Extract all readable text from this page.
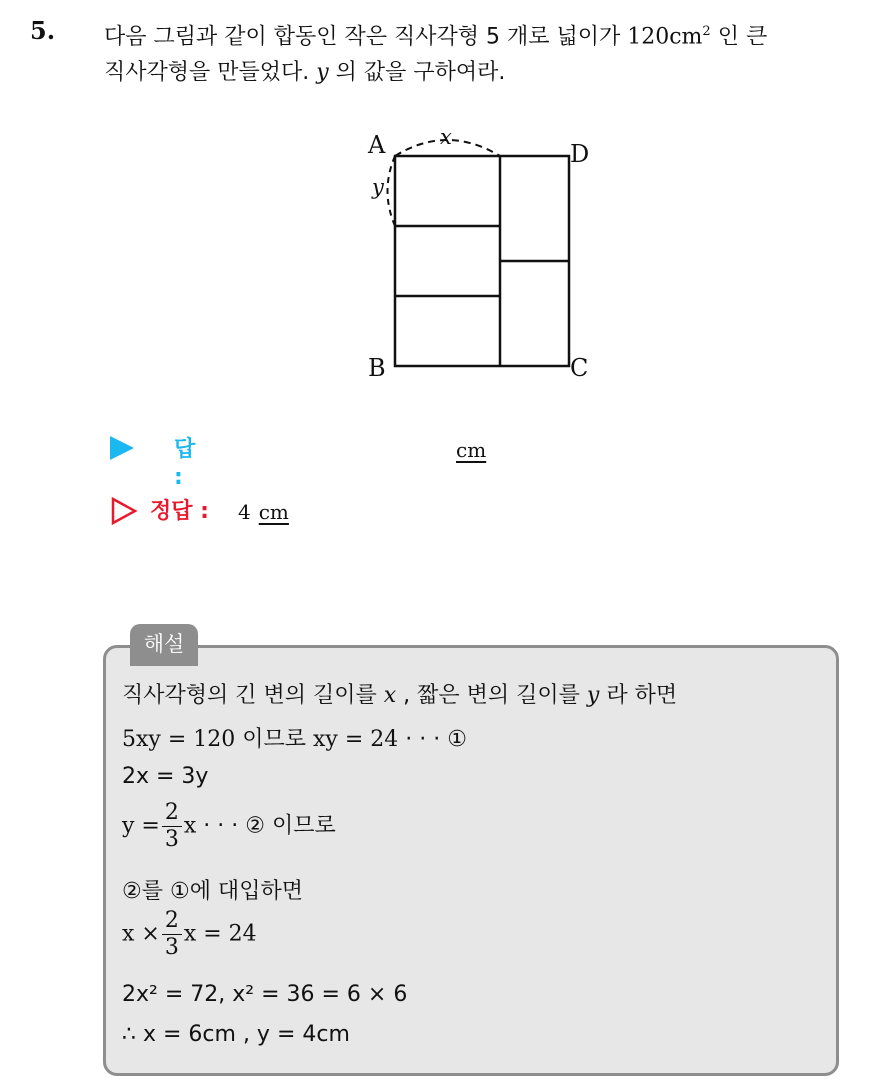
5. 다음 그림과 같이 합동인 작은 직사각형 5 개로 넓이가 $120cm^2$ 인 큰
직사각형을 만들었다. y 의 값을 구하여라.
A	D
B	C
x
y
답 :
cm
정답 : 4 cm
해설
직사각형의 긴 변의 길이를 x , 짧은 변의 길이를 y 라 하면
5xy = 120 이므로 xy = 24 · · · ①
2x = 3y
$y = \frac{2}{3}$ x · · · ② 이므로
②를 ①에 대입하면
$x \times \frac{2}{3}$ x = 24
2x² = 72, x² = 36 = 6 × 6
∴ x = 6cm , y = 4cm
